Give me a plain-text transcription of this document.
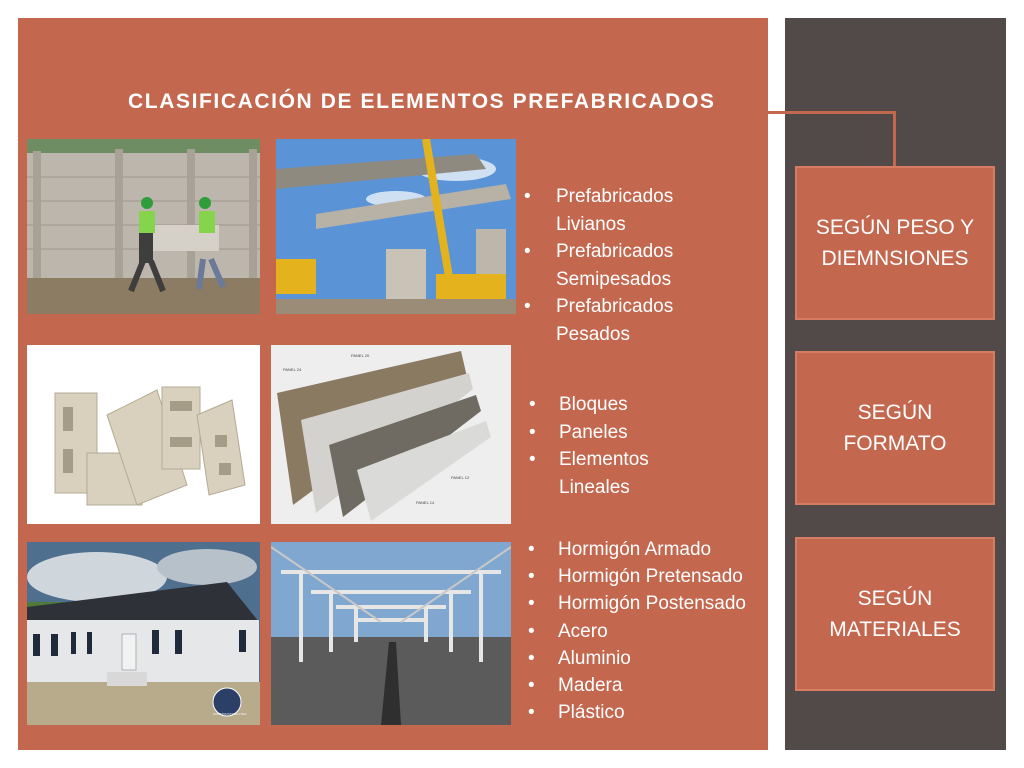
CLASIFICACIÓN DE ELEMENTOS PREFABRICADOS
SEGÚN PESO Y DIEMNSIONES
SEGÚN FORMATO
SEGÚN MATERIALES
PANEL 24
PANEL 20
PANEL 12
PANEL 14
CONSTRUCTORA LTDA
• Prefabricados Livianos
• Prefabricados Semipesados
• Prefabricados Pesados
• Bloques
• Paneles
• Elementos Lineales
• Hormigón Armado
• Hormigón Pretensado
• Hormigón Postensado
• Acero
• Aluminio
• Madera
• Plástico
